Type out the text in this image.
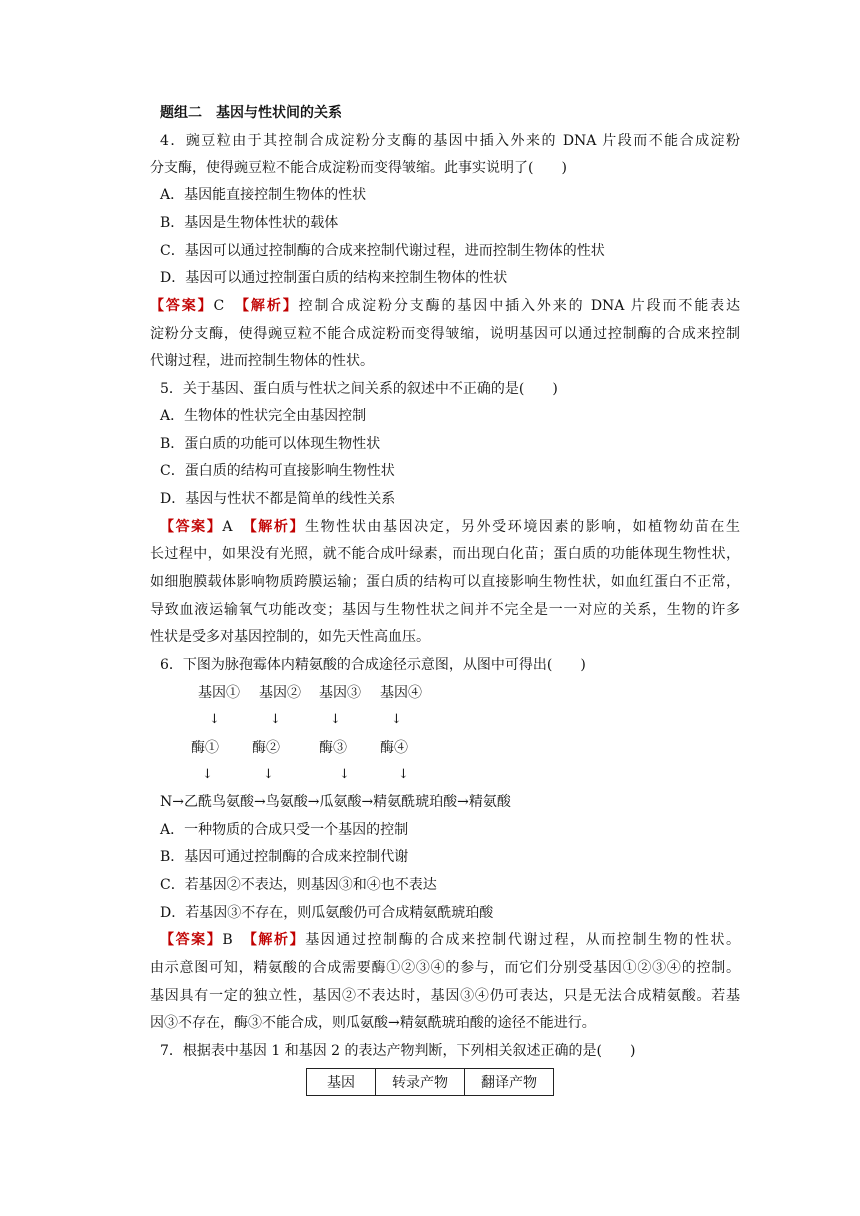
题组二　基因与性状间的关系
4．豌豆粒由于其控制合成淀粉分支酶的基因中插入外来的 DNA 片段而不能合成淀粉
分支酶，使得豌豆粒不能合成淀粉而变得皱缩。此事实说明了(　　)
A．基因能直接控制生物体的性状
B．基因是生物体性状的载体
C．基因可以通过控制酶的合成来控制代谢过程，进而控制生物体的性状
D．基因可以通过控制蛋白质的结构来控制生物体的性状
【答案】C　 【解析】控制合成淀粉分支酶的基因中插入外来的 DNA 片段而不能表达
淀粉分支酶，使得豌豆粒不能合成淀粉而变得皱缩，说明基因可以通过控制酶的合成来控制
代谢过程，进而控制生物体的性状。
5．关于基因、蛋白质与性状之间关系的叙述中不正确的是(　　)
A．生物体的性状完全由基因控制
B．蛋白质的功能可以体现生物性状
C．蛋白质的结构可直接影响生物性状
D．基因与性状不都是简单的线性关系
【答案】A　 【解析】生物性状由基因决定，另外受环境因素的影响，如植物幼苗在生
长过程中，如果没有光照，就不能合成叶绿素，而出现白化苗；蛋白质的功能体现生物性状，
如细胞膜载体影响物质跨膜运输；蛋白质的结构可以直接影响生物性状，如血红蛋白不正常，
导致血液运输氧气功能改变；基因与生物性状之间并不完全是一一对应的关系，生物的许多
性状是受多对基因控制的，如先天性高血压。
6．下图为脉孢霉体内精氨酸的合成途径示意图，从图中可得出(　　)
基因① 基因② 基因③ 基因④
↓	↓	↓	↓
酶① 酶②	酶③ 酶④
↓	↓	↓	↓
N→乙酰鸟氨酸→鸟氨酸→瓜氨酸→精氨酰琥珀酸→精氨酸
A．一种物质的合成只受一个基因的控制
B．基因可通过控制酶的合成来控制代谢
C．若基因②不表达，则基因③和④也不表达
D．若基因③不存在，则瓜氨酸仍可合成精氨酰琥珀酸
【答案】B　 【解析】基因通过控制酶的合成来控制代谢过程，从而控制生物的性状。
由示意图可知，精氨酸的合成需要酶①②③④的参与，而它们分别受基因①②③④的控制。
基因具有一定的独立性，基因②不表达时，基因③④仍可表达，只是无法合成精氨酸。若基
因③不存在，酶③不能合成，则瓜氨酸→精氨酰琥珀酸的途径不能进行。
7．根据表中基因 1 和基因 2 的表达产物判断，下列相关叙述正确的是(　　)
基因	转录产物	翻译产物
